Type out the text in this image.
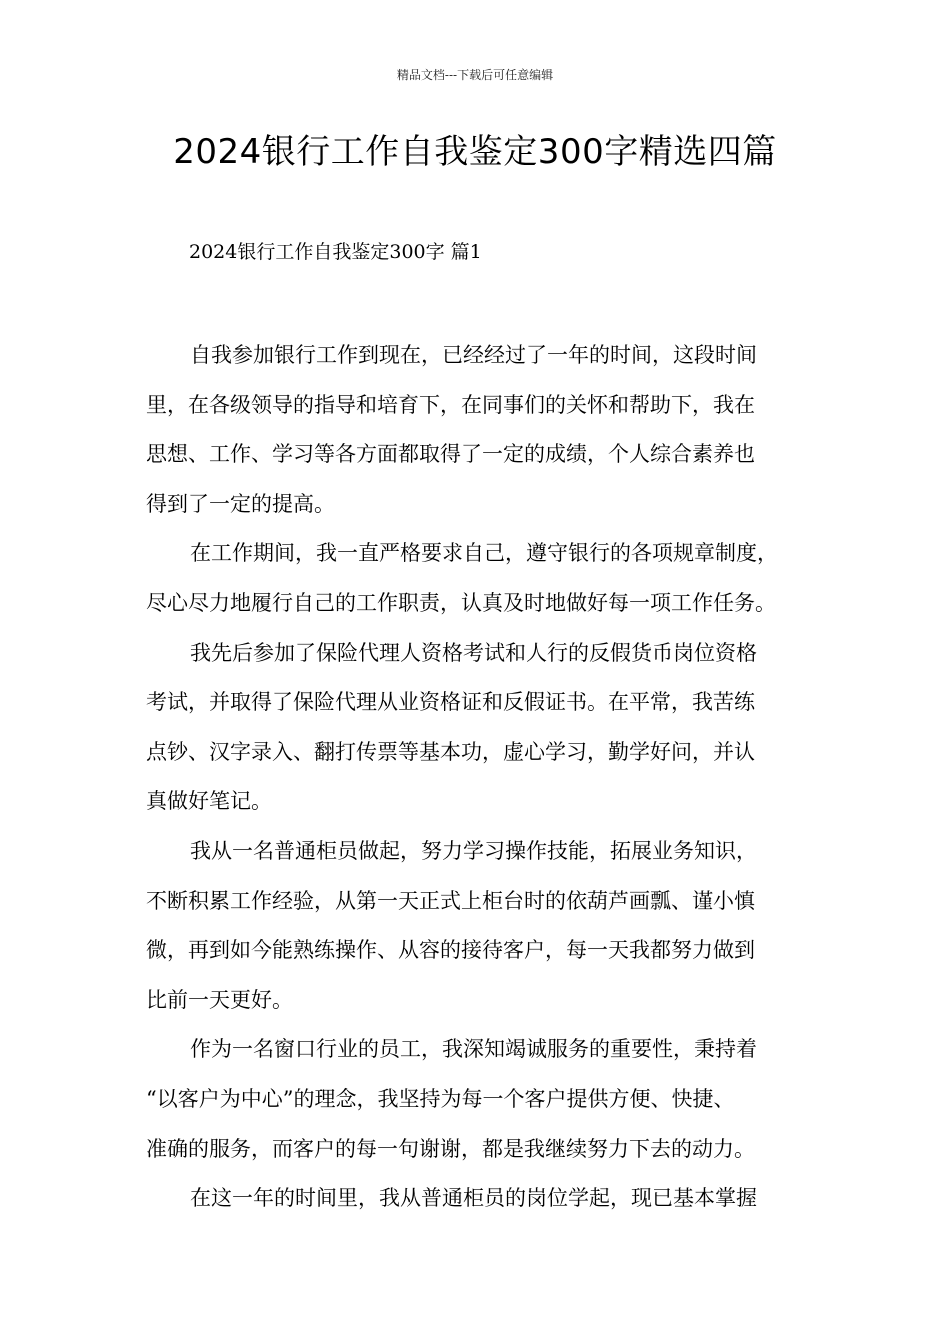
精品文档---下载后可任意编辑
2024银行工作自我鉴定300字精选四篇
2024银行工作自我鉴定300字 篇1

自我参加银行工作到现在，已经经过了一年的时间，这段时间
里，在各级领导的指导和培育下，在同事们的关怀和帮助下，我在
思想、工作、学习等各方面都取得了一定的成绩，个人综合素养也
得到了一定的提高。

在工作期间，我一直严格要求自己，遵守银行的各项规章制度，
尽心尽力地履行自己的工作职责，认真及时地做好每一项工作任务。

我先后参加了保险代理人资格考试和人行的反假货币岗位资格
考试，并取得了保险代理从业资格证和反假证书。在平常，我苦练
点钞、汉字录入、翻打传票等基本功，虚心学习，勤学好问，并认
真做好笔记。

我从一名普通柜员做起，努力学习操作技能，拓展业务知识，
不断积累工作经验，从第一天正式上柜台时的依葫芦画瓢、谨小慎
微，再到如今能熟练操作、从容的接待客户，每一天我都努力做到
比前一天更好。

作为一名窗口行业的员工，我深知竭诚服务的重要性，秉持着
“以客户为中心”的理念，我坚持为每一个客户提供方便、快捷、
准确的服务，而客户的每一句谢谢，都是我继续努力下去的动力。

在这一年的时间里，我从普通柜员的岗位学起，现已基本掌握
